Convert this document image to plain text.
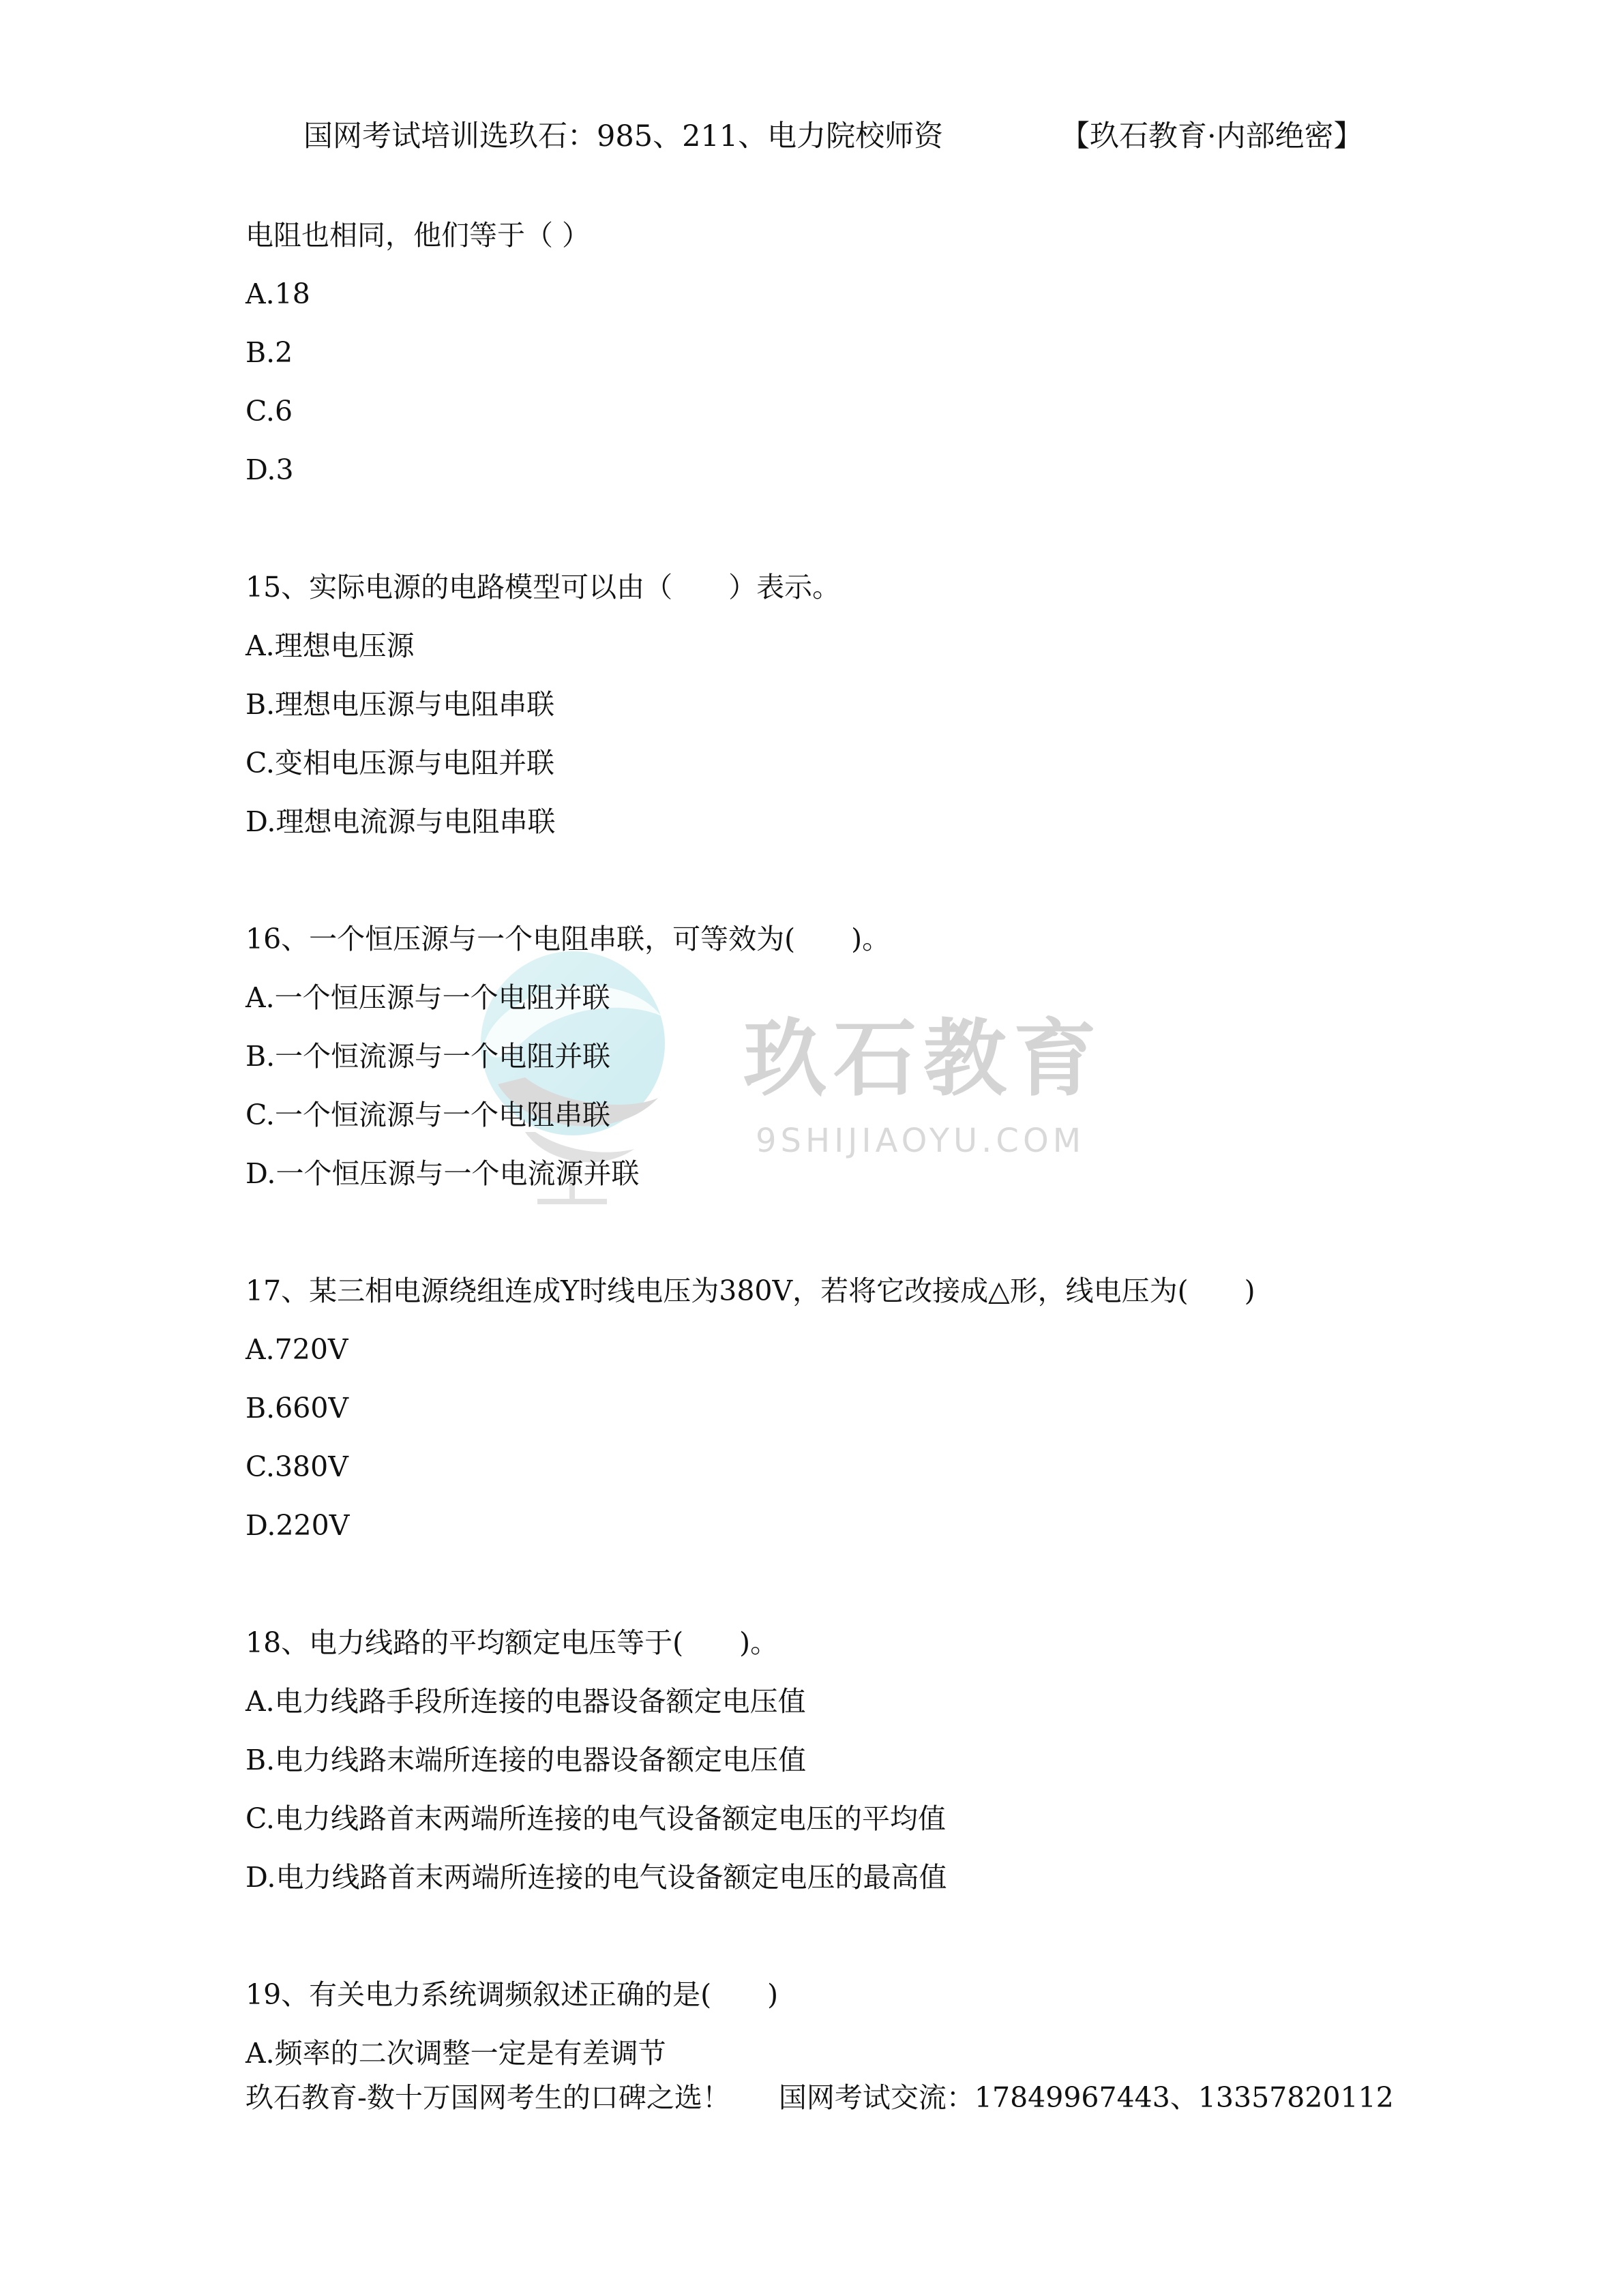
国网考试培训选玖石：985、211、电力院校师资	【玖石教育·内部绝密】
玖石教育
9SHIJIAOYU.COM
电阻也相同，他们等于（ ）
A.18
B.2
C.6
D.3
15、实际电源的电路模型可以由（　　）表示。
A.理想电压源
B.理想电压源与电阻串联
C.变相电压源与电阻并联
D.理想电流源与电阻串联
16、一个恒压源与一个电阻串联，可等效为(　　)。
A.一个恒压源与一个电阻并联
B.一个恒流源与一个电阻并联
C.一个恒流源与一个电阻串联
D.一个恒压源与一个电流源并联
17、某三相电源绕组连成Y时线电压为380V，若将它改接成△形，线电压为(　　)
A.720V
B.660V
C.380V
D.220V
18、电力线路的平均额定电压等于(　　)。
A.电力线路手段所连接的电器设备额定电压值
B.电力线路末端所连接的电器设备额定电压值
C.电力线路首末两端所连接的电气设备额定电压的平均值
D.电力线路首末两端所连接的电气设备额定电压的最高值
19、有关电力系统调频叙述正确的是(　　)
A.频率的二次调整一定是有差调节
玖石教育-数十万国网考生的口碑之选！ 国网考试交流：17849967443、13357820112
